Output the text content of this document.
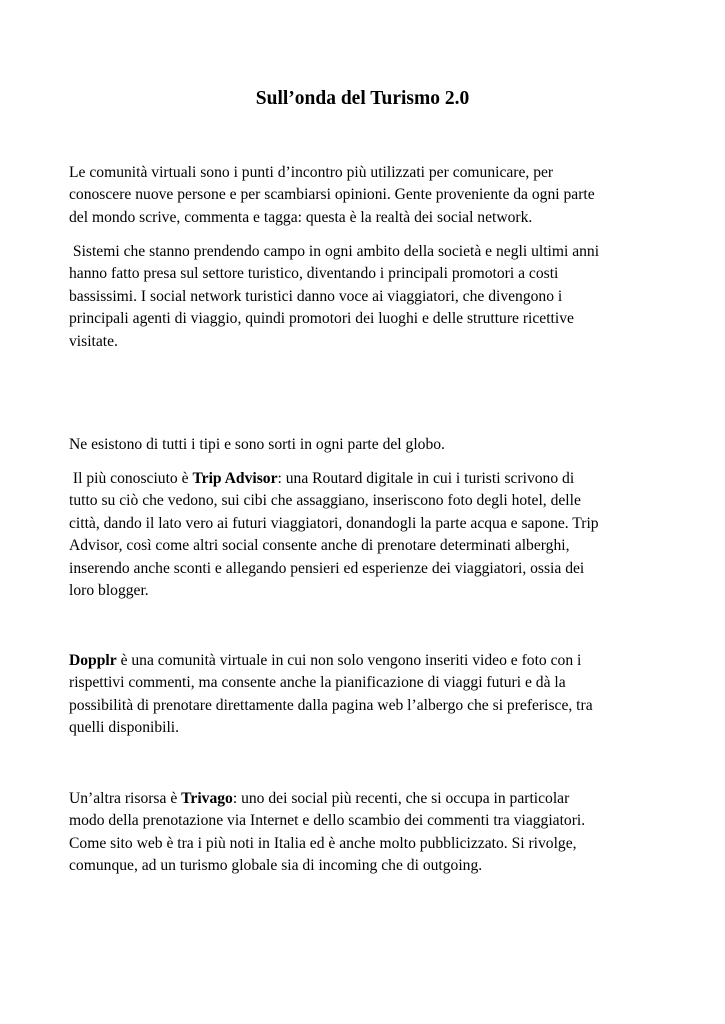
Sull’onda del Turismo 2.0

Le comunità virtuali sono i punti d’incontro più utilizzati per comunicare, per
conoscere nuove persone e per scambiarsi opinioni. Gente proveniente da ogni parte
del mondo scrive, commenta e tagga: questa è la realtà dei social network.

Sistemi che stanno prendendo campo in ogni ambito della società e negli ultimi anni
hanno fatto presa sul settore turistico, diventando i principali promotori a costi
bassissimi. I social network turistici danno voce ai viaggiatori, che divengono i
principali agenti di viaggio, quindi promotori dei luoghi e delle strutture ricettive
visitate.

Ne esistono di tutti i tipi e sono sorti in ogni parte del globo.

Il più conosciuto è Trip Advisor: una Routard digitale in cui i turisti scrivono di
tutto su ciò che vedono, sui cibi che assaggiano, inseriscono foto degli hotel, delle
città, dando il lato vero ai futuri viaggiatori, donandogli la parte acqua e sapone. Trip
Advisor, così come altri social consente anche di prenotare determinati alberghi,
inserendo anche sconti e allegando pensieri ed esperienze dei viaggiatori, ossia dei
loro blogger.

Dopplr è una comunità virtuale in cui non solo vengono inseriti video e foto con i
rispettivi commenti, ma consente anche la pianificazione di viaggi futuri e dà la
possibilità di prenotare direttamente dalla pagina web l’albergo che si preferisce, tra
quelli disponibili.

Un’altra risorsa è Trivago: uno dei social più recenti, che si occupa in particolar
modo della prenotazione via Internet e dello scambio dei commenti tra viaggiatori.
Come sito web è tra i più noti in Italia ed è anche molto pubblicizzato. Si rivolge,
comunque, ad un turismo globale sia di incoming che di outgoing.
